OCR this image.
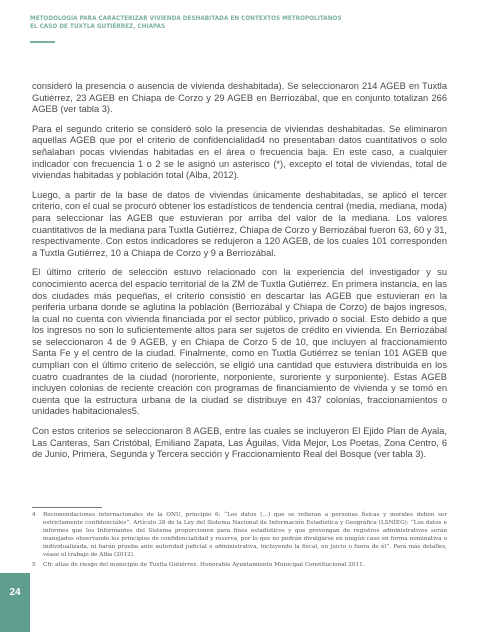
METODOLOGÍA PARA CARACTERIZAR VIVIENDA DESHABITADA EN CONTEXTOS METROPOLITANOS
EL CASO DE TUXTLA GUTIÉRREZ, CHIAPAS

consideró la presencia o ausencia de vivienda deshabitada). Se seleccionaron 214 AGEB en Tuxtla Gutiérrez, 23 AGEB en Chiapa de Corzo y 29 AGEB en Berriozábal, que en conjunto totalizan 266 AGEB (ver tabla 3).

Para el segundo criterio se consideró solo la presencia de viviendas deshabitadas. Se eliminaron aquellas AGEB que por el criterio de confidencialidad4 no presentaban datos cuantitativos o solo señalaban pocas viviendas habitadas en el área o frecuencia baja. En este caso, a cualquier indicador con frecuencia 1 o 2 se le asignó un asterisco (*), excepto el total de viviendas, total de viviendas habitadas y población total (Alba, 2012).

Luego, a partir de la base de datos de viviendas únicamente deshabitadas, se aplicó el tercer criterio, con el cual se procuró obtener los estadísticos de tendencia central (media, mediana, moda) para seleccionar las AGEB que estuvieran por arriba del valor de la mediana. Los valores cuantitativos de la mediana para Tuxtla Gutiérrez, Chiapa de Corzo y Berriozábal fueron 63, 60 y 31, respectivamente. Con estos indicadores se redujeron a 120 AGEB, de los cuales 101 corresponden a Tuxtla Gutiérrez, 10 a Chiapa de Corzo y 9 a Berriozábal.

El último criterio de selección estuvo relacionado con la experiencia del investigador y su conocimiento acerca del espacio territorial de la ZM de Tuxtla Gutiérrez. En primera instancia, en las dos ciudades más pequeñas, el criterio consistió en descartar las AGEB que estuvieran en la periferia urbana donde se aglutina la población (Berriozábal y Chiapa de Corzo) de bajos ingresos, la cual no cuenta con vivienda financiada por el sector público, privado o social. Esto debido a que los ingresos no son lo suficientemente altos para ser sujetos de crédito en vivienda. En Berriozábal se seleccionaron 4 de 9 AGEB, y en Chiapa de Corzo 5 de 10, que incluyen al fraccionamiento Santa Fe y el centro de la ciudad. Finalmente, como en Tuxtla Gutiérrez se tenían 101 AGEB que cumplían con el último criterio de selección, se eligió una cantidad que estuviera distribuida en los cuatro cuadrantes de la ciudad (nororiente, norponiente, suroriente y surponiente). Estas AGEB incluyen colonias de reciente creación con programas de financiamiento de vivienda y se tomó en cuenta que la estructura urbana de la ciudad se distribuye en 437 colonias, fraccionamientos o unidades habitacionales5.

Con estos criterios se seleccionaron 8 AGEB, entre las cuales se incluyeron El Ejido Plan de Ayala, Las Canteras, San Cristóbal, Emiliano Zapata, Las Águilas, Vida Mejor, Los Poetas, Zona Centro, 6 de Junio, Primera, Segunda y Tercera sección y Fraccionamiento Real del Bosque (ver tabla 3).

4	Recomendaciones internacionales de la ONU, principio 6: “Los datos (…) que se refieran a personas físicas y morales deben ser estrictamente confidenciales”. Artículo 38 de la Ley del Sistema Nacional de Información Estadística y Geográfica (LSNIEG): “Los datos e informes que los Informantes del Sistema proporcionen para fines estadísticos y que provengan de registros administrativos serán manejados observando los principios de confidencialidad y reserva, por lo que no podrán divulgarse en ningún caso en forma nominativa o individualizada, ni harán prueba ante autoridad judicial o administrativa, incluyendo la fiscal, en juicio o fuera de él”. Para más detalles, véase el trabajo de Alba (2012).
5	Cfr. atlas de riesgo del municipio de Tuxtla Gutiérrez. Honorable Ayuntamiento Municipal Constitucional 2011.
24
